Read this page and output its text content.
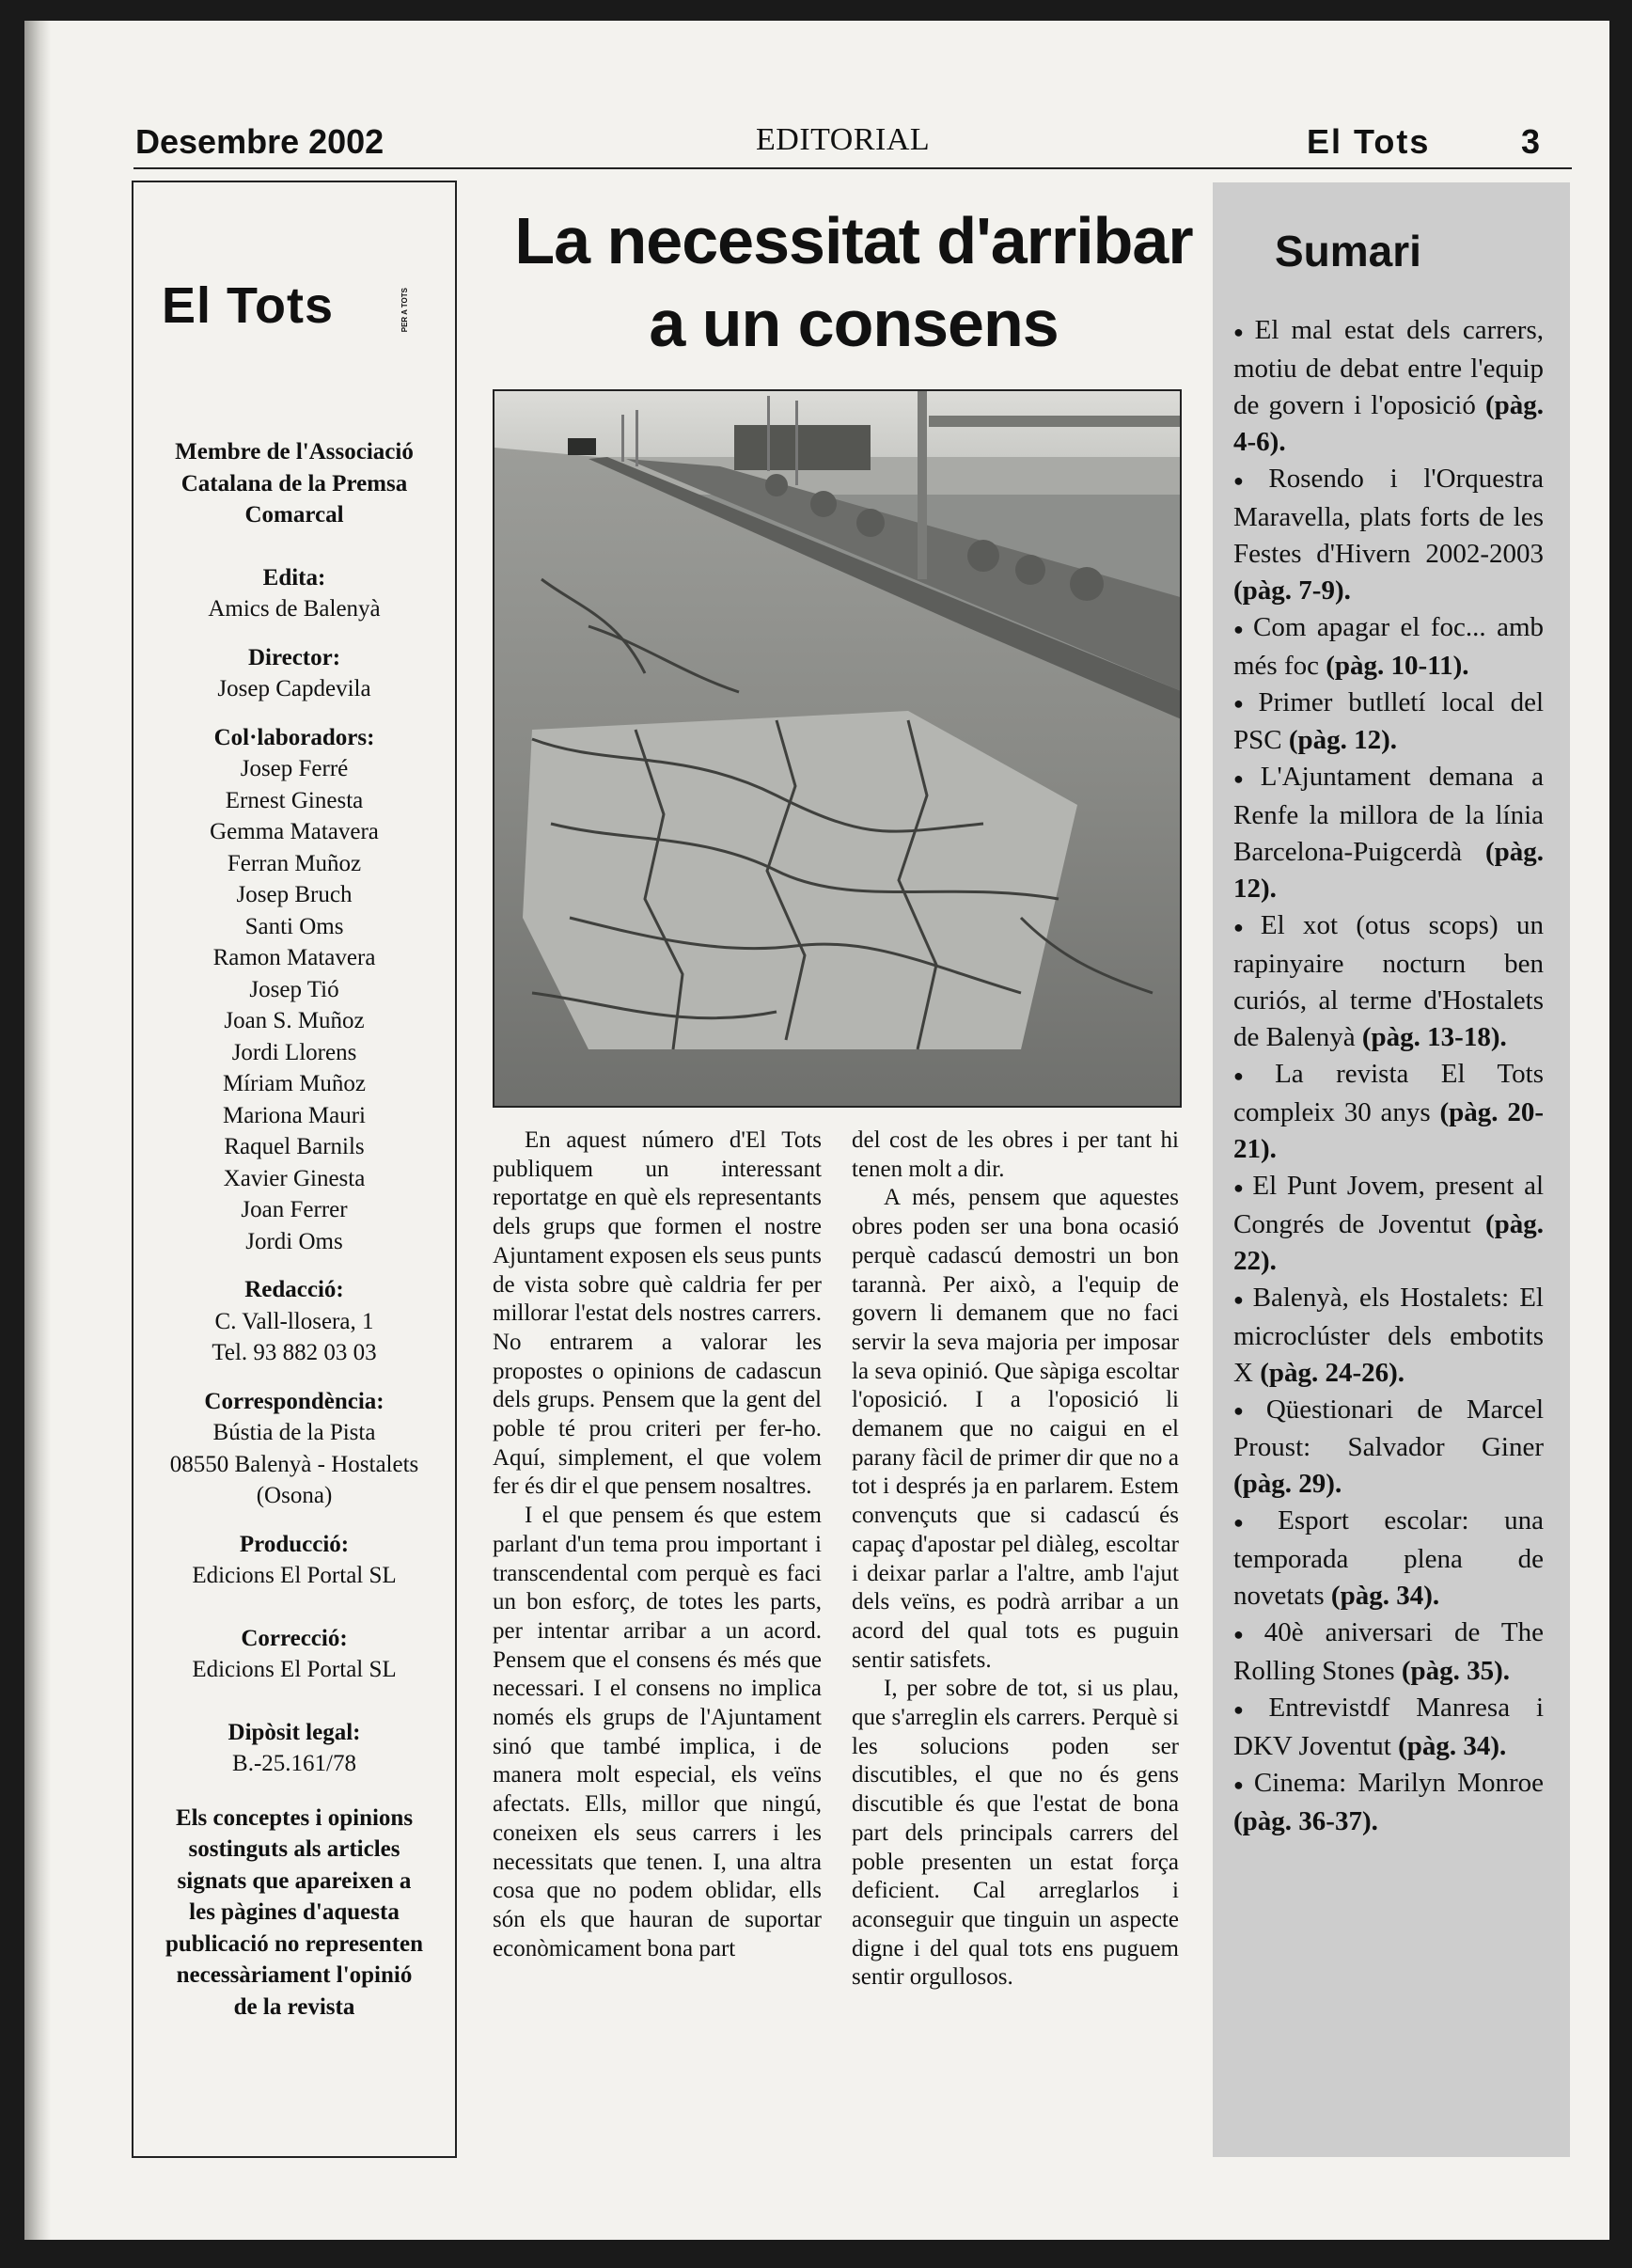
Desembre 2002	EDITORIAL	El Tots	3
El Tots	PER A TOTS
Membre de l'Associació
Catalana de la Premsa
Comarcal
Edita:
Amics de Balenyà
Director:
Josep Capdevila
Col·laboradors:
Josep Ferré
Ernest Ginesta
Gemma Matavera
Ferran Muñoz
Josep Bruch
Santi Oms
Ramon Matavera
Josep Tió
Joan S. Muñoz
Jordi Llorens
Míriam Muñoz
Mariona Mauri
Raquel Barnils
Xavier Ginesta
Joan Ferrer
Jordi Oms
Redacció:
C. Vall-llosera, 1
Tel. 93 882 03 03
Correspondència:
Bústia de la Pista
08550 Balenyà - Hostalets
(Osona)
Producció:
Edicions El Portal SL
Correcció:
Edicions El Portal SL
Dipòsit legal:
B.-25.161/78
Els conceptes i opinions
sostinguts als articles
signats que apareixen a
les pàgines d'aquesta
publicació no representen
necessàriament l'opinió
de la revista
La necessitat d'arribar
a un consens

En aquest número d'El Tots publiquem un interessant reportatge en què els representants dels grups que formen el nostre Ajuntament exposen els seus punts de vista sobre què caldria fer per millorar l'estat dels nostres carrers. No entrarem a valorar les propostes o opinions de cadascun dels grups. Pensem que la gent del poble té prou criteri per fer-ho. Aquí, simplement, el que volem fer és dir el que pensem nosaltres.

I el que pensem és que estem parlant d'un tema prou important i transcendental com perquè es faci un bon esforç, de totes les parts, per intentar arribar a un acord. Pensem que el consens és més que necessari. I el consens no implica només els grups de l'Ajuntament sinó que també implica, i de manera molt especial, els veïns afectats. Ells, millor que ningú, coneixen els seus carrers i les necessitats que tenen. I, una altra cosa que no podem oblidar, ells són els que hauran de suportar econòmicament bona part

del cost de les obres i per tant hi tenen molt a dir.

A més, pensem que aquestes obres poden ser una bona ocasió perquè cadascú demostri un bon tarannà. Per això, a l'equip de govern li demanem que no faci servir la seva majoria per imposar la seva opinió. Que sàpiga escoltar l'oposició. I a l'oposició li demanem que no caigui en el parany fàcil de primer dir que no a tot i després ja en parlarem. Estem convençuts que si cadascú és capaç d'apostar pel diàleg, escoltar i deixar parlar a l'altre, amb l'ajut dels veïns, es podrà arribar a un acord del qual tots es puguin sentir satisfets.

I, per sobre de tot, si us plau, que s'arreglin els carrers. Perquè si les solucions poden ser discutibles, el que no és gens discutible és que l'estat de bona part dels principals carrers del poble presenten un estat força deficient. Cal arreglarlos i aconseguir que tinguin un aspecte digne i del qual tots ens puguem sentir orgullosos.

Sumari

● El mal estat dels carrers, motiu de debat entre l'equip de govern i l'oposició (pàg. 4-6).

● Rosendo i l'Orquestra Maravella, plats forts de les Festes d'Hivern 2002-2003 (pàg. 7-9).

● Com apagar el foc... amb més foc (pàg. 10-11).

● Primer butlletí local del PSC (pàg. 12).

● L'Ajuntament demana a Renfe la millora de la línia Barcelona-Puigcerdà (pàg. 12).

● El xot (otus scops) un rapinyaire nocturn ben curiós, al terme d'Hostalets de Balenyà (pàg. 13-18).

● La revista El Tots compleix 30 anys (pàg. 20-21).

● El Punt Jovem, present al Congrés de Joventut (pàg. 22).

● Balenyà, els Hostalets: El microclúster dels embotits X (pàg. 24-26).

● Qüestionari de Marcel Proust: Salvador Giner (pàg. 29).

● Esport escolar: una temporada plena de novetats (pàg. 34).

● 40è aniversari de The Rolling Stones (pàg. 35).

● Entrevistdf Manresa i DKV Joventut (pàg. 34).

● Cinema: Marilyn Monroe (pàg. 36-37).
